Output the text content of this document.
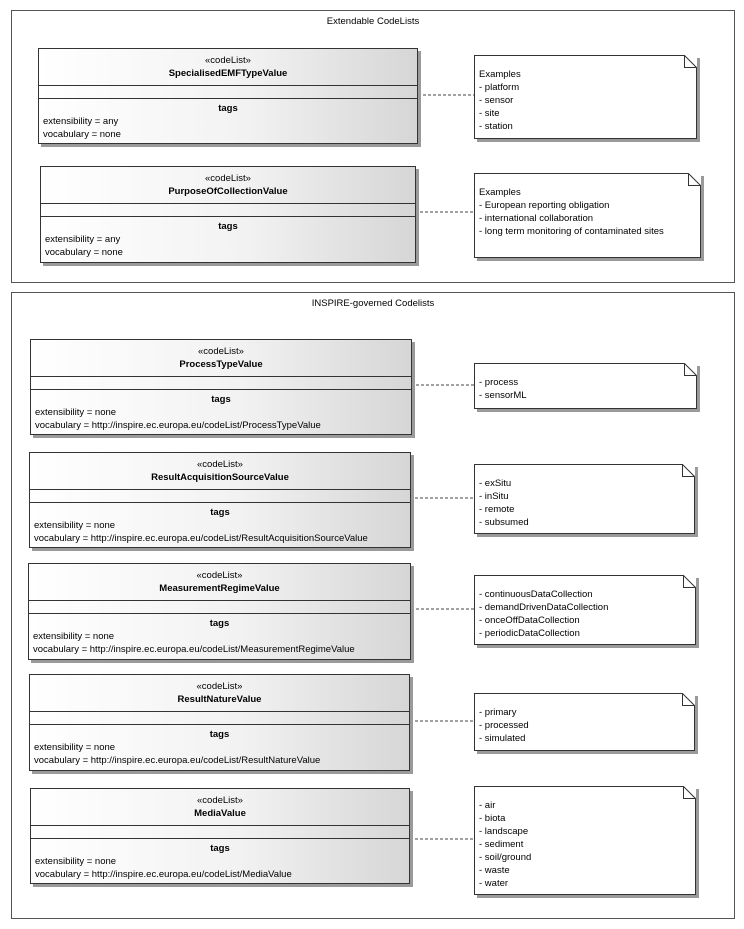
Extendable CodeLists
INSPIRE-governed Codelists
«codeList»
SpecialisedEMFTypeValue
tags
extensibility = any
vocabulary = none
«codeList»
PurposeOfCollectionValue
tags
extensibility = any
vocabulary = none
«codeList»
ProcessTypeValue
tags
extensibility = none
vocabulary = http://inspire.ec.europa.eu/codeList/ProcessTypeValue
«codeList»
ResultAcquisitionSourceValue
tags
extensibility = none
vocabulary = http://inspire.ec.europa.eu/codeList/ResultAcquisitionSourceValue
«codeList»
MeasurementRegimeValue
tags
extensibility = none
vocabulary = http://inspire.ec.europa.eu/codeList/MeasurementRegimeValue
«codeList»
ResultNatureValue
tags
extensibility = none
vocabulary = http://inspire.ec.europa.eu/codeList/ResultNatureValue
«codeList»
MediaValue
tags
extensibility = none
vocabulary = http://inspire.ec.europa.eu/codeList/MediaValue
Examples
- platform
- sensor
- site
- station
Examples
- European reporting obligation
- international collaboration
- long term monitoring of contaminated sites
- process
- sensorML
- exSitu
- inSitu
- remote
- subsumed
- continuousDataCollection
- demandDrivenDataCollection
- onceOffDataCollection
- periodicDataCollection
- primary
- processed
- simulated
- air
- biota
- landscape
- sediment
- soil/ground
- waste
- water
